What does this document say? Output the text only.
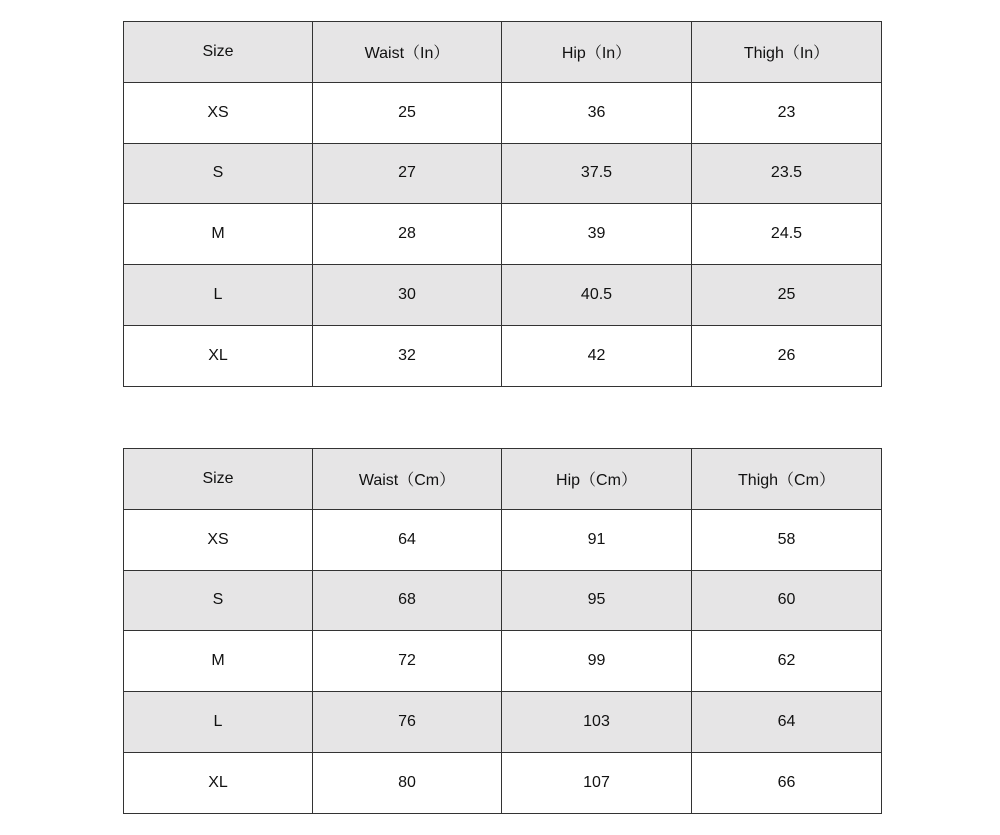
Size	Waist（In）	Hip（In）	Thigh（In）
XS	25	36	23
S	27	37.5	23.5
M	28	39	24.5
L	30	40.5	25
XL	32	42	26
Size	Waist（Cm）	Hip（Cm）	Thigh（Cm）
XS	64	91	58
S	68	95	60
M	72	99	62
L	76	103	64
XL	80	107	66
